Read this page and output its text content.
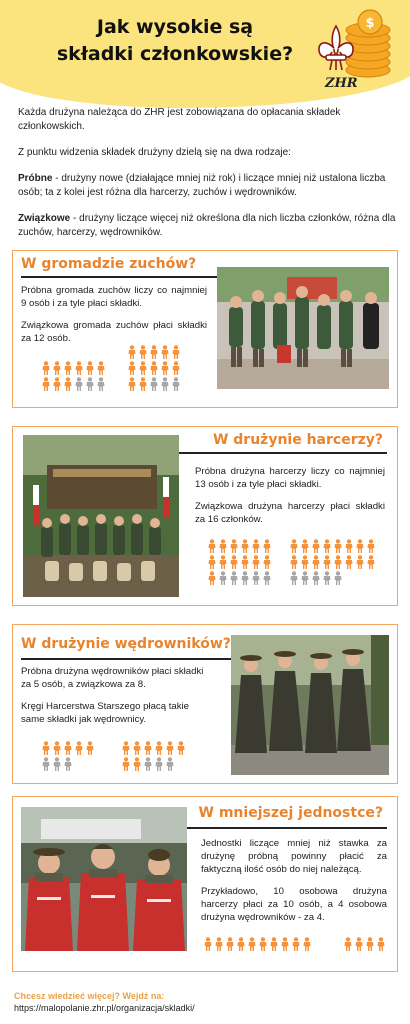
Jak wysokie są
składki członkowskie?
$
ZHR

Każda drużyna należąca do ZHR jest zobowiązana do opłacania składek członkowskich.

Z punktu widzenia składek drużyny dzielą się na dwa rodzaje:

Próbne - drużyny nowe (działające mniej niż rok) i liczące mniej niż ustalona liczba osób; ta z kolei jest różna dla harcerzy, zuchów i wędrowników.

Związkowe - drużyny liczące więcej niż określona dla nich liczba członków, różna dla zuchów, harcerzy, wędrowników.

W gromadzie zuchów?

Próbna gromada zuchów liczy co najmniej 9 osób i za tyle płaci składki.

Związkowa gromada zuchów płaci składki za 12 osób.

W drużynie harcerzy?

Próbna drużyna harcerzy liczy co najmniej 13 osób i za tyle płaci składki.

Związkowa drużyna harcerzy płaci składki za 16 członków.

W drużynie wędrowników?

Próbna drużyna wędrowników płaci składki za 5 osób, a związkowa za 8.

Kręgi Harcerstwa Starszego płacą takie same składki jak wędrownicy.

W mniejszej jednostce?

Jednostki liczące mniej niż stawka za drużynę próbną powinny płacić za faktyczną ilość osób do niej należącą.

Przykładowo, 10 osobowa drużyna harcerzy płaci za 10 osób, a 4 osobowa drużyna wędrowników - za 4.

Chcesz wiedzieć więcej? Wejdź na:
https://malopolanie.zhr.pl/organizacja/skladki/
